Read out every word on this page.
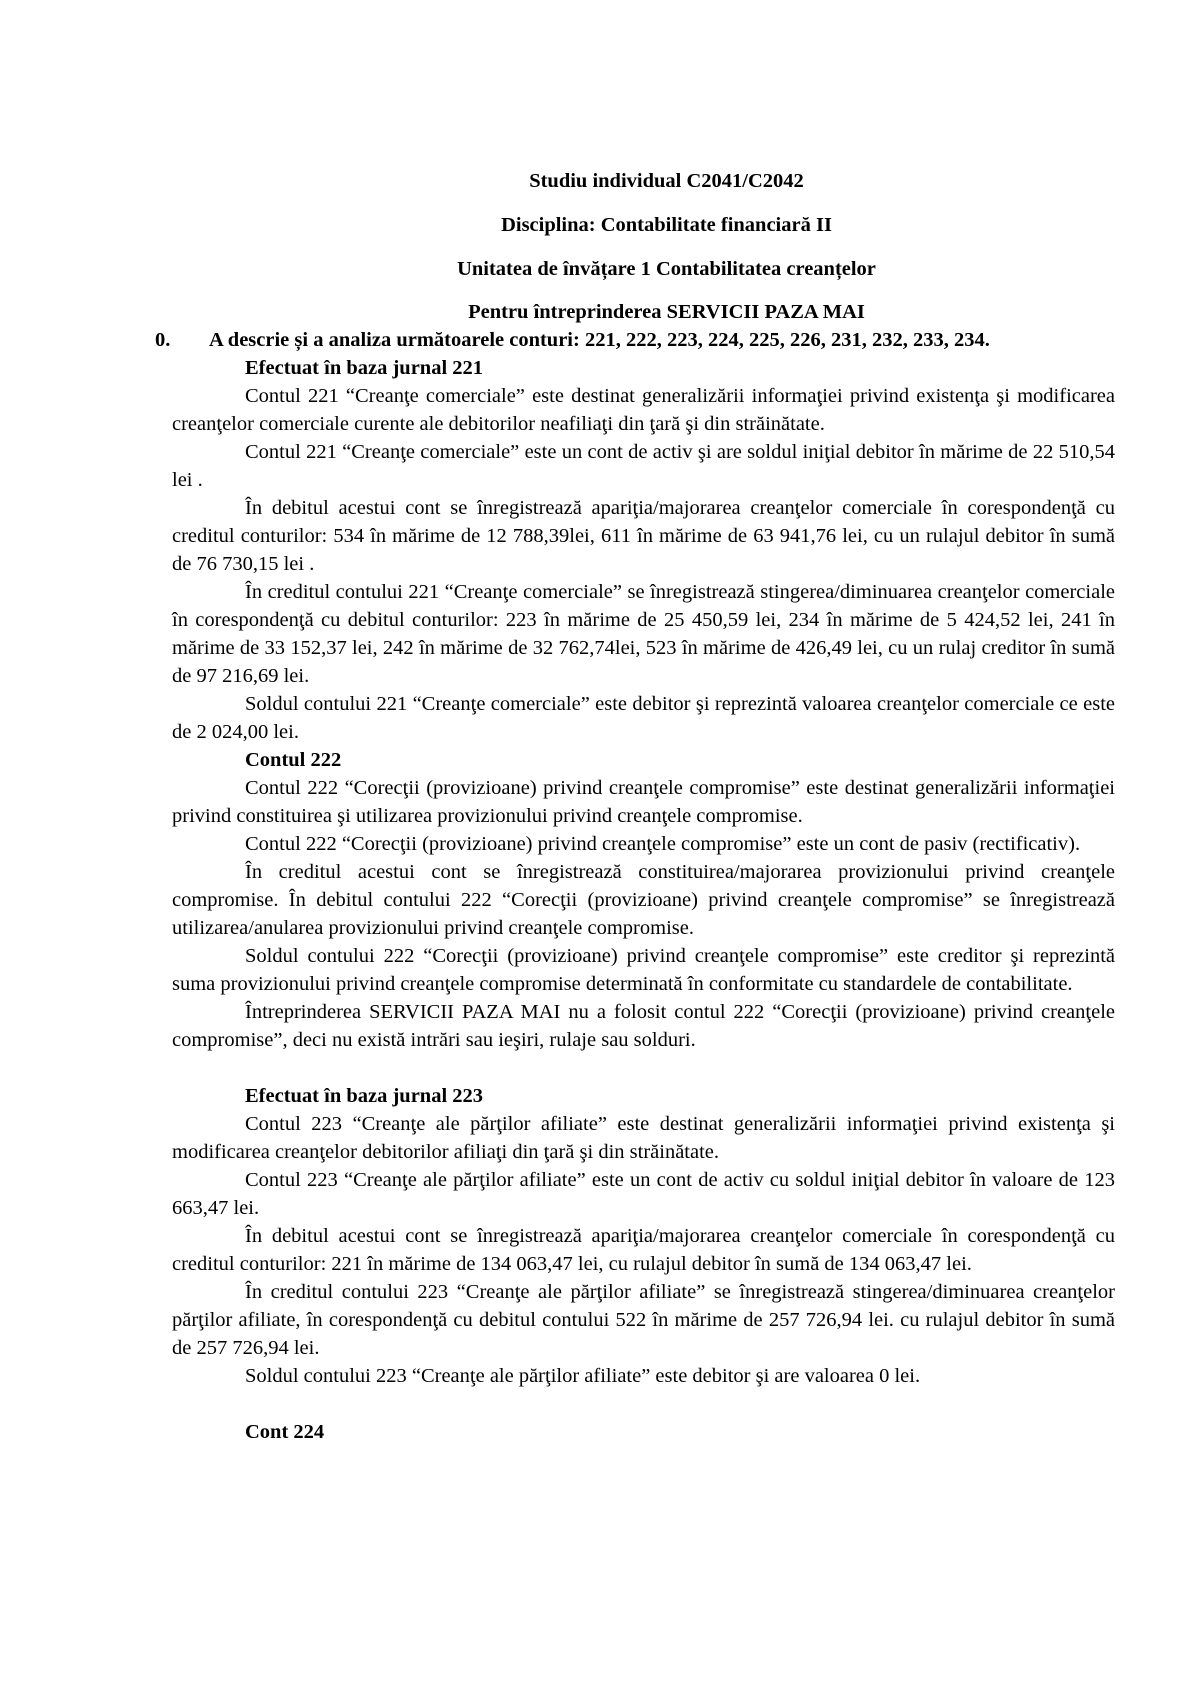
Studiu individual C2041/C2042

Disciplina: Contabilitate financiară II

Unitatea de învățare 1 Contabilitatea creanțelor

Pentru întreprinderea SERVICII PAZA MAI

0. A descrie și a analiza următoarele conturi: 221, 222, 223, 224, 225, 226, 231, 232, 233, 234.

Efectuat în baza jurnal 221

Contul 221 “Creanţe comerciale” este destinat generalizării informaţiei privind existenţa şi modificarea creanţelor comerciale curente ale debitorilor neafiliaţi din ţară şi din străinătate.

Contul 221 “Creanţe comerciale” este un cont de activ şi are soldul iniţial debitor în mărime de 22 510,54 lei .

În debitul acestui cont se înregistrează apariţia/majorarea creanţelor comerciale în corespondenţă cu creditul conturilor: 534 în mărime de 12 788,39lei, 611 în mărime de 63 941,76 lei, cu un rulajul debitor în sumă de 76 730,15 lei .

În creditul contului 221 “Creanţe comerciale” se înregistrează stingerea/diminuarea creanţelor comerciale în corespondenţă cu debitul conturilor: 223 în mărime de 25 450,59 lei, 234 în mărime de 5 424,52 lei, 241 în mărime de 33 152,37 lei, 242 în mărime de 32 762,74lei, 523 în mărime de 426,49 lei, cu un rulaj creditor în sumă de 97 216,69 lei.

Soldul contului 221 “Creanţe comerciale” este debitor şi reprezintă valoarea creanţelor comerciale ce este de 2 024,00 lei.

Contul 222

Contul 222 “Corecţii (provizioane) privind creanţele compromise” este destinat generalizării informaţiei privind constituirea şi utilizarea provizionului privind creanţele compromise.

Contul 222 “Corecţii (provizioane) privind creanţele compromise” este un cont de pasiv (rectificativ).

În creditul acestui cont se înregistrează constituirea/majorarea provizionului privind creanţele compromise. În debitul contului 222 “Corecţii (provizioane) privind creanţele compromise” se înregistrează utilizarea/anularea provizionului privind creanţele compromise.

Soldul contului 222 “Corecţii (provizioane) privind creanţele compromise” este creditor şi reprezintă suma provizionului privind creanţele compromise determinată în conformitate cu standardele de contabilitate.

Întreprinderea SERVICII PAZA MAI nu a folosit contul 222 “Corecţii (provizioane) privind creanţele compromise”, deci nu există intrări sau ieşiri, rulaje sau solduri.

Efectuat în baza jurnal 223

Contul 223 “Creanţe ale părţilor afiliate” este destinat generalizării informaţiei privind existenţa şi modificarea creanţelor debitorilor afiliaţi din ţară şi din străinătate.

Contul 223 “Creanţe ale părţilor afiliate” este un cont de activ cu soldul iniţial debitor în valoare de 123 663,47 lei.

În debitul acestui cont se înregistrează apariţia/majorarea creanţelor comerciale în corespondenţă cu creditul conturilor: 221 în mărime de 134 063,47 lei, cu rulajul debitor în sumă de 134 063,47 lei.

În creditul contului 223 “Creanţe ale părţilor afiliate” se înregistrează stingerea/diminuarea creanţelor părţilor afiliate, în corespondenţă cu debitul contului 522 în mărime de 257 726,94 lei. cu rulajul debitor în sumă de 257 726,94 lei.

Soldul contului 223 “Creanţe ale părţilor afiliate” este debitor şi are valoarea 0 lei.

Cont 224
